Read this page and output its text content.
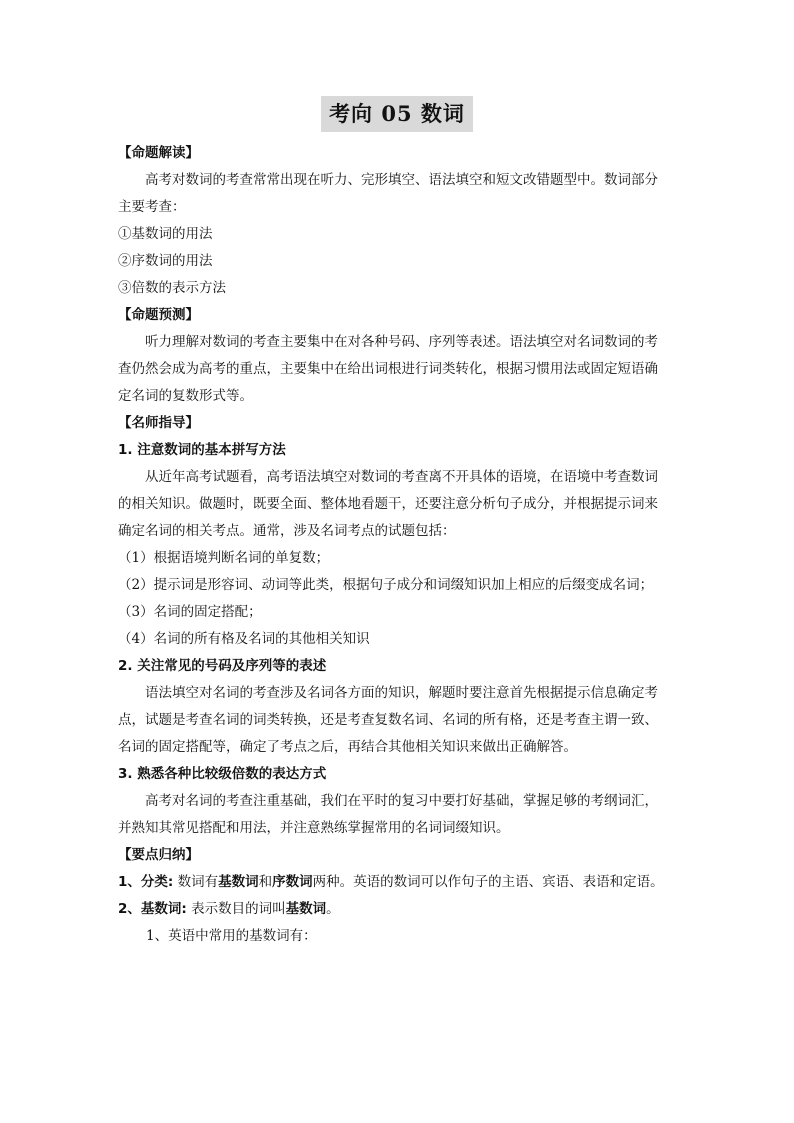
考向 05 数词
【命题解读】
高考对数词的考查常常出现在听力、完形填空、语法填空和短文改错题型中。数词部分
主要考查：
①基数词的用法
②序数词的用法
③倍数的表示方法
【命题预测】
听力理解对数词的考查主要集中在对各种号码、序列等表述。语法填空对名词数词的考
查仍然会成为高考的重点，主要集中在给出词根进行词类转化，根据习惯用法或固定短语确
定名词的复数形式等。
【名师指导】
1. 注意数词的基本拼写方法
从近年高考试题看，高考语法填空对数词的考查离不开具体的语境，在语境中考查数词
的相关知识。做题时，既要全面、整体地看题干，还要注意分析句子成分，并根据提示词来
确定名词的相关考点。通常，涉及名词考点的试题包括：
（1）根据语境判断名词的单复数；
（2）提示词是形容词、动词等此类，根据句子成分和词缀知识加上相应的后缀变成名词；
（3）名词的固定搭配；
（4）名词的所有格及名词的其他相关知识
2. 关注常见的号码及序列等的表述
语法填空对名词的考查涉及名词各方面的知识，解题时要注意首先根据提示信息确定考
点，试题是考查名词的词类转换，还是考查复数名词、名词的所有格，还是考查主谓一致、
名词的固定搭配等，确定了考点之后，再结合其他相关知识来做出正确解答。
3. 熟悉各种比较级倍数的表达方式
高考对名词的考查注重基础，我们在平时的复习中要打好基础，掌握足够的考纲词汇，
并熟知其常见搭配和用法，并注意熟练掌握常用的名词词缀知识。
【要点归纳】
1、分类: 数词有基数词和序数词两种。英语的数词可以作句子的主语、宾语、表语和定语。
2、基数词: 表示数目的词叫基数词。
1、英语中常用的基数词有：
